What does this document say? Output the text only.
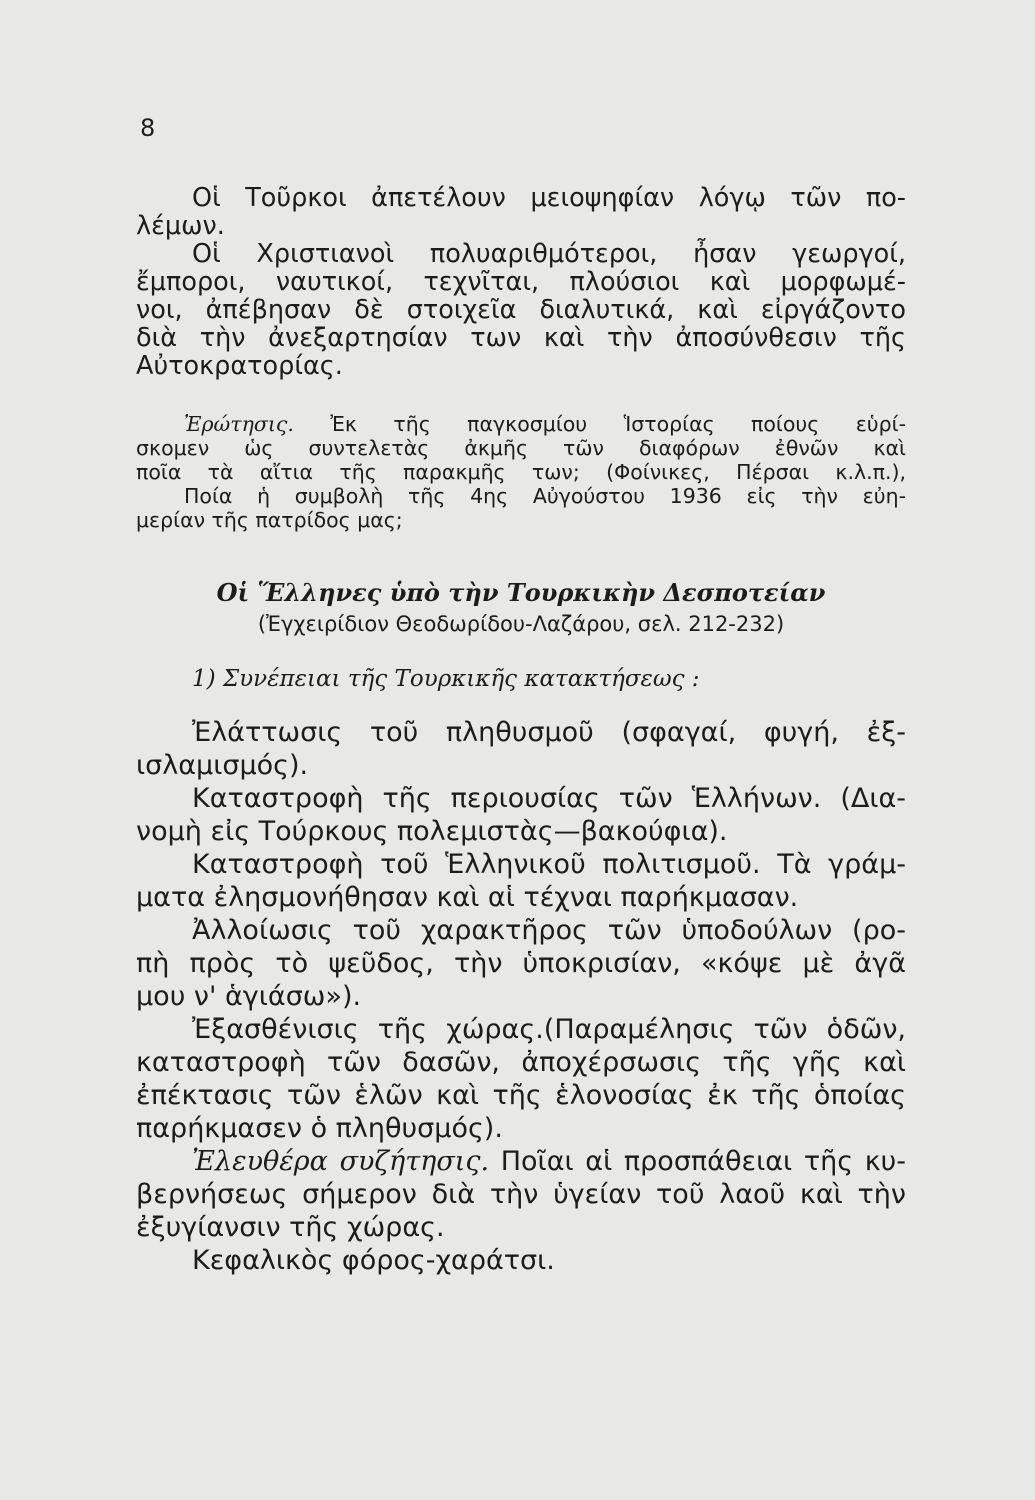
8
Οἱ Τοῦρκοι ἀπετέλουν μειοψηφίαν λόγῳ τῶν πο-
λέμων.
Οἱ Χριστιανοὶ πολυαριθμότεροι, ἦσαν γεωργοί,
ἔμποροι, ναυτικοί, τεχνῖται, πλούσιοι καὶ μορφωμέ-
νοι, ἀπέβησαν δὲ στοιχεῖα διαλυτικά, καὶ εἰργάζοντο
διὰ τὴν ἀνεξαρτησίαν των καὶ τὴν ἀποσύνθεσιν τῆς
Αὐτοκρατορίας.
Ἐρώτησις. Ἐκ τῆς παγκοσμίου Ἱστορίας ποίους εὑρί-
σκομεν ὡς συντελετὰς ἀκμῆς τῶν διαφόρων ἐθνῶν καὶ
ποῖα τὰ αἴτια τῆς παρακμῆς των; (Φοίνικες, Πέρσαι κ.λ.π.),
Ποία ἡ συμβολὴ τῆς 4ης Αὐγούστου 1936 εἰς τὴν εὐη-
μερίαν τῆς πατρίδος μας;
Οἱ Ἕλληνες ὑπὸ τὴν Τουρκικὴν Δεσποτείαν
(Ἐγχειρίδιον Θεοδωρίδου-Λαζάρου, σελ. 212-232)
1) Συνέπειαι τῆς Τουρκικῆς κατακτήσεως :
Ἐλάττωσις τοῦ πληθυσμοῦ (σφαγαί, φυγή, ἐξ-
ισλαμισμός).
Καταστροφὴ τῆς περιουσίας τῶν Ἑλλήνων. (Δια-
νομὴ εἰς Τούρκους πολεμιστὰς—βακούφια).
Καταστροφὴ τοῦ Ἑλληνικοῦ πολιτισμοῦ. Τὰ γράμ-
ματα ἐλησμονήθησαν καὶ αἱ τέχναι παρήκμασαν.
Ἀλλοίωσις τοῦ χαρακτῆρος τῶν ὑποδούλων (ρο-
πὴ πρὸς τὸ ψεῦδος, τὴν ὑποκρισίαν, «κόψε μὲ ἀγᾶ
μου ν' ἁγιάσω»).
Ἐξασθένισις τῆς χώρας.(Παραμέλησις τῶν ὁδῶν,
καταστροφὴ τῶν δασῶν, ἀποχέρσωσις τῆς γῆς καὶ
ἐπέκτασις τῶν ἑλῶν καὶ τῆς ἑλονοσίας ἐκ τῆς ὁποίας
παρήκμασεν ὁ πληθυσμός).
Ἐλευθέρα συζήτησις. Ποῖαι αἱ προσπάθειαι τῆς κυ-
βερνήσεως σήμερον διὰ τὴν ὑγείαν τοῦ λαοῦ καὶ τὴν
ἐξυγίανσιν τῆς χώρας.
Κεφαλικὸς φόρος-χαράτσι.
